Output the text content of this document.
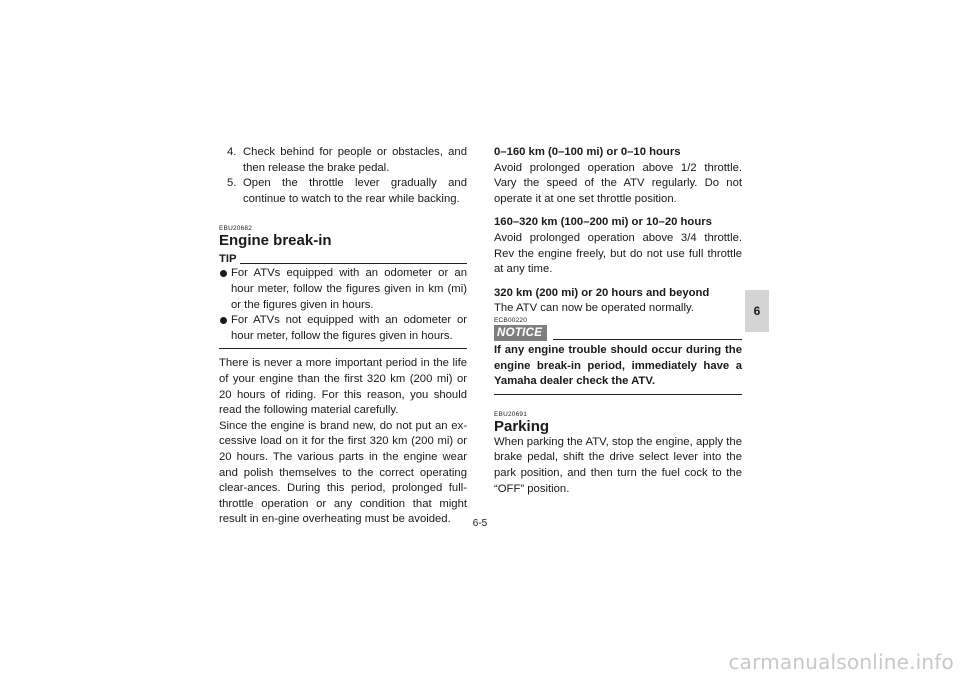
4. Check behind for people or obstacles, and then release the brake pedal.
5. Open the throttle lever gradually and continue to watch to the rear while backing.
EBU20682
Engine break-in
TIP
For ATVs equipped with an odometer or an hour meter, follow the figures given in km (mi) or the figures given in hours.
For ATVs not equipped with an odometer or hour meter, follow the figures given in hours.
There is never a more important period in the life of your engine than the first 320 km (200 mi) or 20 hours of riding. For this reason, you should read the following material carefully.
Since the engine is brand new, do not put an ex-cessive load on it for the first 320 km (200 mi) or 20 hours. The various parts in the engine wear and polish themselves to the correct operating clear-ances. During this period, prolonged full-throttle operation or any condition that might result in en-gine overheating must be avoided.
0–160 km (0–100 mi) or 0–10 hours
Avoid prolonged operation above 1/2 throttle. Vary the speed of the ATV regularly. Do not operate it at one set throttle position.
160–320 km (100–200 mi) or 10–20 hours
Avoid prolonged operation above 3/4 throttle. Rev the engine freely, but do not use full throttle at any time.
320 km (200 mi) or 20 hours and beyond
The ATV can now be operated normally.
ECB00220
NOTICE
If any engine trouble should occur during the engine break-in period, immediately have a Yamaha dealer check the ATV.
EBU20691
Parking
When parking the ATV, stop the engine, apply the brake pedal, shift the drive select lever into the park position, and then turn the fuel cock to the “OFF” position.
6
6-5
carmanualsonline.info
